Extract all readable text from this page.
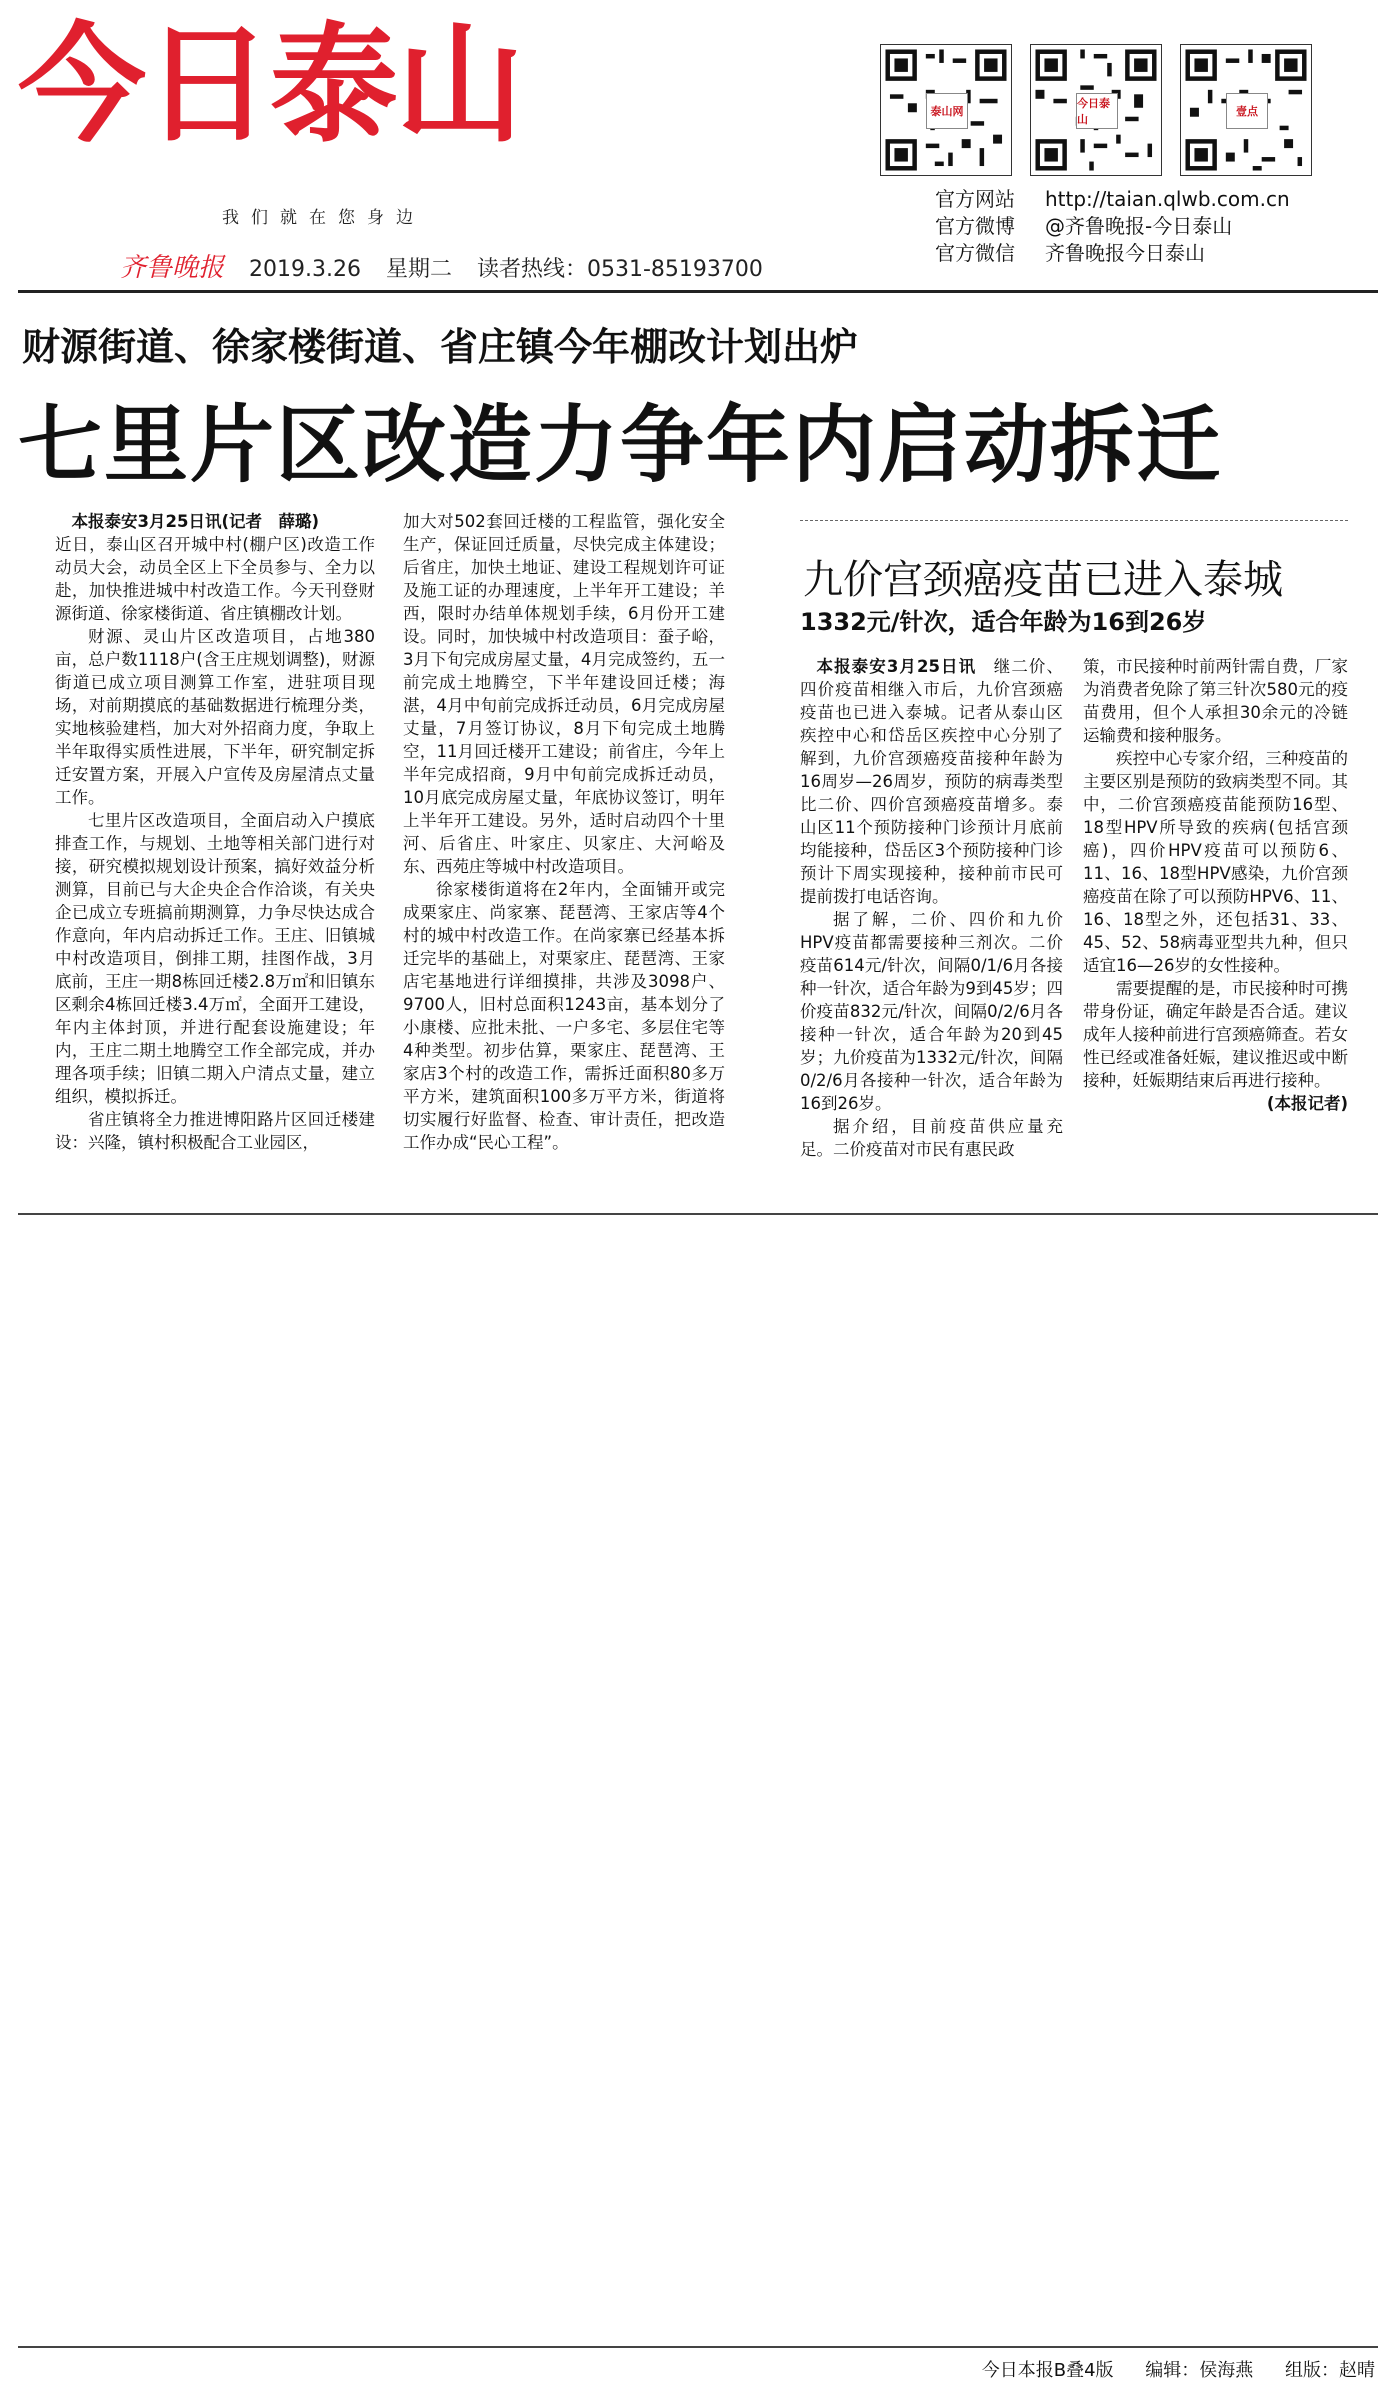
今日泰山
我们就在您身边
齐鲁晚报 2019.3.26 星期二 读者热线：0531-85193700
泰山网
今日泰山
壹点
官方网站 http://taian.qlwb.com.cn
官方微博 @齐鲁晚报-今日泰山
官方微信 齐鲁晚报今日泰山
财源街道、徐家楼街道、省庄镇今年棚改计划出炉
七里片区改造力争年内启动拆迁

本报泰安3月25日讯(记者　薛璐)

近日，泰山区召开城中村(棚户区)改造工作动员大会，动员全区上下全员参与、全力以赴，加快推进城中村改造工作。今天刊登财源街道、徐家楼街道、省庄镇棚改计划。

财源、灵山片区改造项目，占地380亩，总户数1118户(含王庄规划调整)，财源街道已成立项目测算工作室，进驻项目现场，对前期摸底的基础数据进行梳理分类，实地核验建档，加大对外招商力度，争取上半年取得实质性进展，下半年，研究制定拆迁安置方案，开展入户宣传及房屋清点丈量工作。

七里片区改造项目，全面启动入户摸底排查工作，与规划、土地等相关部门进行对接，研究模拟规划设计预案，搞好效益分析测算，目前已与大企央企合作洽谈，有关央企已成立专班搞前期测算，力争尽快达成合作意向，年内启动拆迁工作。王庄、旧镇城中村改造项目，倒排工期，挂图作战，3月底前，王庄一期8栋回迁楼2.8万㎡和旧镇东区剩余4栋回迁楼3.4万㎡，全面开工建设，年内主体封顶，并进行配套设施建设；年内，王庄二期土地腾空工作全部完成，并办理各项手续；旧镇二期入户清点丈量，建立组织，模拟拆迁。

省庄镇将全力推进博阳路片区回迁楼建设：兴隆，镇村积极配合工业园区，

加大对502套回迁楼的工程监管，强化安全生产，保证回迁质量，尽快完成主体建设；后省庄，加快土地证、建设工程规划许可证及施工证的办理速度，上半年开工建设；羊西，限时办结单体规划手续，6月份开工建设。同时，加快城中村改造项目：蚕子峪，3月下旬完成房屋丈量，4月完成签约，五一前完成土地腾空，下半年建设回迁楼；海湛，4月中旬前完成拆迁动员，6月完成房屋丈量，7月签订协议，8月下旬完成土地腾空，11月回迁楼开工建设；前省庄，今年上半年完成招商，9月中旬前完成拆迁动员，10月底完成房屋丈量，年底协议签订，明年上半年开工建设。另外，适时启动四个十里河、后省庄、叶家庄、贝家庄、大河峪及东、西苑庄等城中村改造项目。

徐家楼街道将在2年内，全面铺开或完成栗家庄、尚家寨、琵琶湾、王家店等4个村的城中村改造工作。在尚家寨已经基本拆迁完毕的基础上，对栗家庄、琵琶湾、王家店宅基地进行详细摸排，共涉及3098户、9700人，旧村总面积1243亩，基本划分了小康楼、应批未批、一户多宅、多层住宅等4种类型。初步估算，栗家庄、琵琶湾、王家店3个村的改造工作，需拆迁面积80多万平方米，建筑面积100多万平方米，街道将切实履行好监督、检查、审计责任，把改造工作办成“民心工程”。

九价宫颈癌疫苗已进入泰城
1332元/针次，适合年龄为16到26岁

本报泰安3月25日讯　 继二价、四价疫苗相继入市后，九价宫颈癌疫苗也已进入泰城。记者从泰山区疾控中心和岱岳区疾控中心分别了解到，九价宫颈癌疫苗接种年龄为16周岁—26周岁，预防的病毒类型比二价、四价宫颈癌疫苗增多。泰山区11个预防接种门诊预计月底前均能接种，岱岳区3个预防接种门诊预计下周实现接种，接种前市民可提前拨打电话咨询。

据了解，二价、四价和九价HPV疫苗都需要接种三剂次。二价疫苗614元/针次，间隔0/1/6月各接种一针次，适合年龄为9到45岁；四价疫苗832元/针次，间隔0/2/6月各接种一针次，适合年龄为20到45岁；九价疫苗为1332元/针次，间隔0/2/6月各接种一针次，适合年龄为16到26岁。

据介绍，目前疫苗供应量充足。二价疫苗对市民有惠民政

策，市民接种时前两针需自费，厂家为消费者免除了第三针次580元的疫苗费用，但个人承担30余元的冷链运输费和接种服务。

疾控中心专家介绍，三种疫苗的主要区别是预防的致病类型不同。其中，二价宫颈癌疫苗能预防16型、18型HPV所导致的疾病(包括宫颈癌)，四价HPV疫苗可以预防6、11、16、18型HPV感染，九价宫颈癌疫苗在除了可以预防HPV6、11、16、18型之外，还包括31、33、45、52、58病毒亚型共九种，但只适宜16—26岁的女性接种。

需要提醒的是，市民接种时可携带身份证，确定年龄是否合适。建议成年人接种前进行宫颈癌筛查。若女性已经或准备妊娠，建议推迟或中断接种，妊娠期结束后再进行接种。

(本报记者)

今日本报B叠4版 编辑：侯海燕 组版：赵晴
